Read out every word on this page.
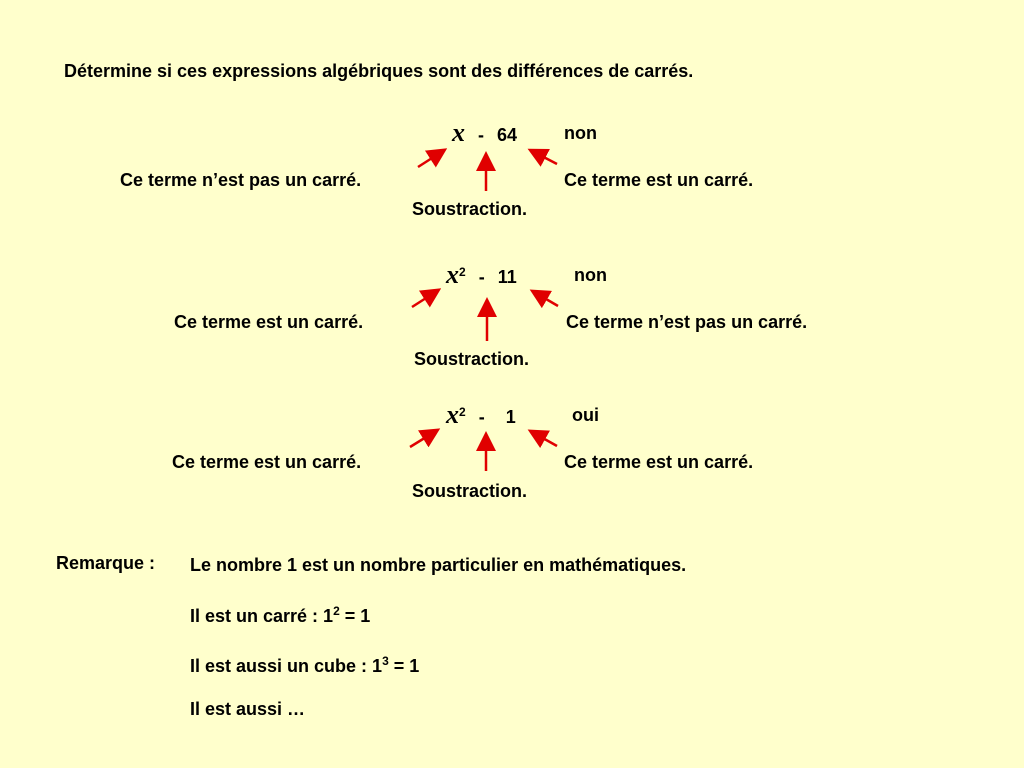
Détermine si ces expressions algébriques sont des différences de carrés.
x - 64	non
Ce terme n’est pas un carré.	Ce terme est un carré.
Soustraction.
$x^2 - 11$	non
Ce terme est un carré.	Ce terme n’est pas un carré.
Soustraction.
$x^2 - 1$	oui
Ce terme est un carré.	Ce terme est un carré.
Soustraction.
Remarque : Le nombre 1 est un nombre particulier en mathématiques.
Il est un carré : $1^2 = 1$
Il est aussi un cube : $1^3 = 1$
Il est aussi …
